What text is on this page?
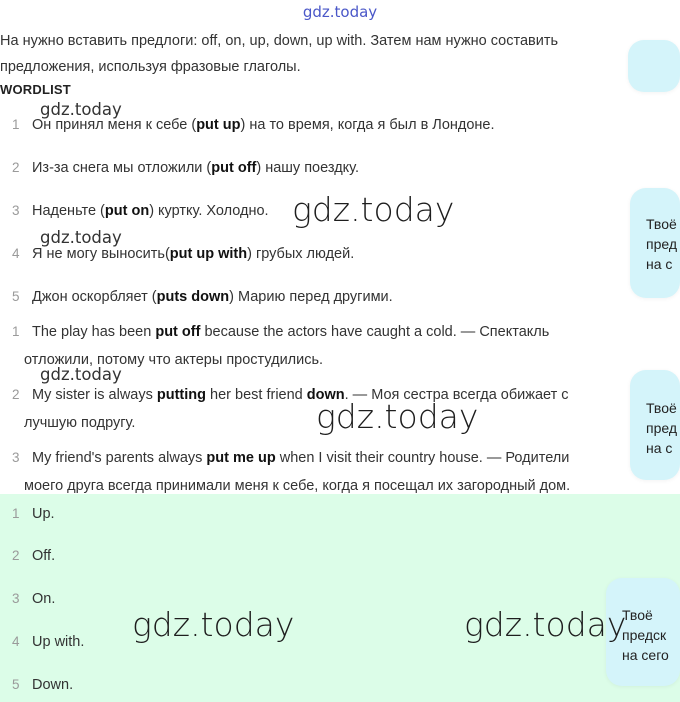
gdz.today
На нужно вставить предлоги: off, on, up, down, up with. Затем нам нужно составить
предложения, используя фразовые глаголы.
WORDLIST
1 Он принял меня к себе (put up) на то время, когда я был в Лондоне.
2 Из-за снега мы отложили (put off) нашу поездку.
3 Наденьте (put on) куртку. Холодно.
4 Я не могу выносить(put up with) грубых людей.
5 Джон оскорбляет (puts down) Марию перед другими.
1 The play has been put off because the actors have caught a cold. — Спектакль
отложили, потому что актеры простудились.
2 My sister is always putting her best friend down. — Моя сестра всегда обижает с
лучшую подругу.
3 My friend's parents always put me up when I visit their country house. — Родители
моего друга всегда принимали меня к себе, когда я посещал их загородный дом.
1 Up.
2 Off.
3 On.
4 Up with.
5 Down.
Твоё
пред
на с
Твоё
пред
на с
Твоё
предск
на сего
gdz.today
gdz.today
gdz.today
gdz.today
gdz.today
gdz.today	gdz.today
